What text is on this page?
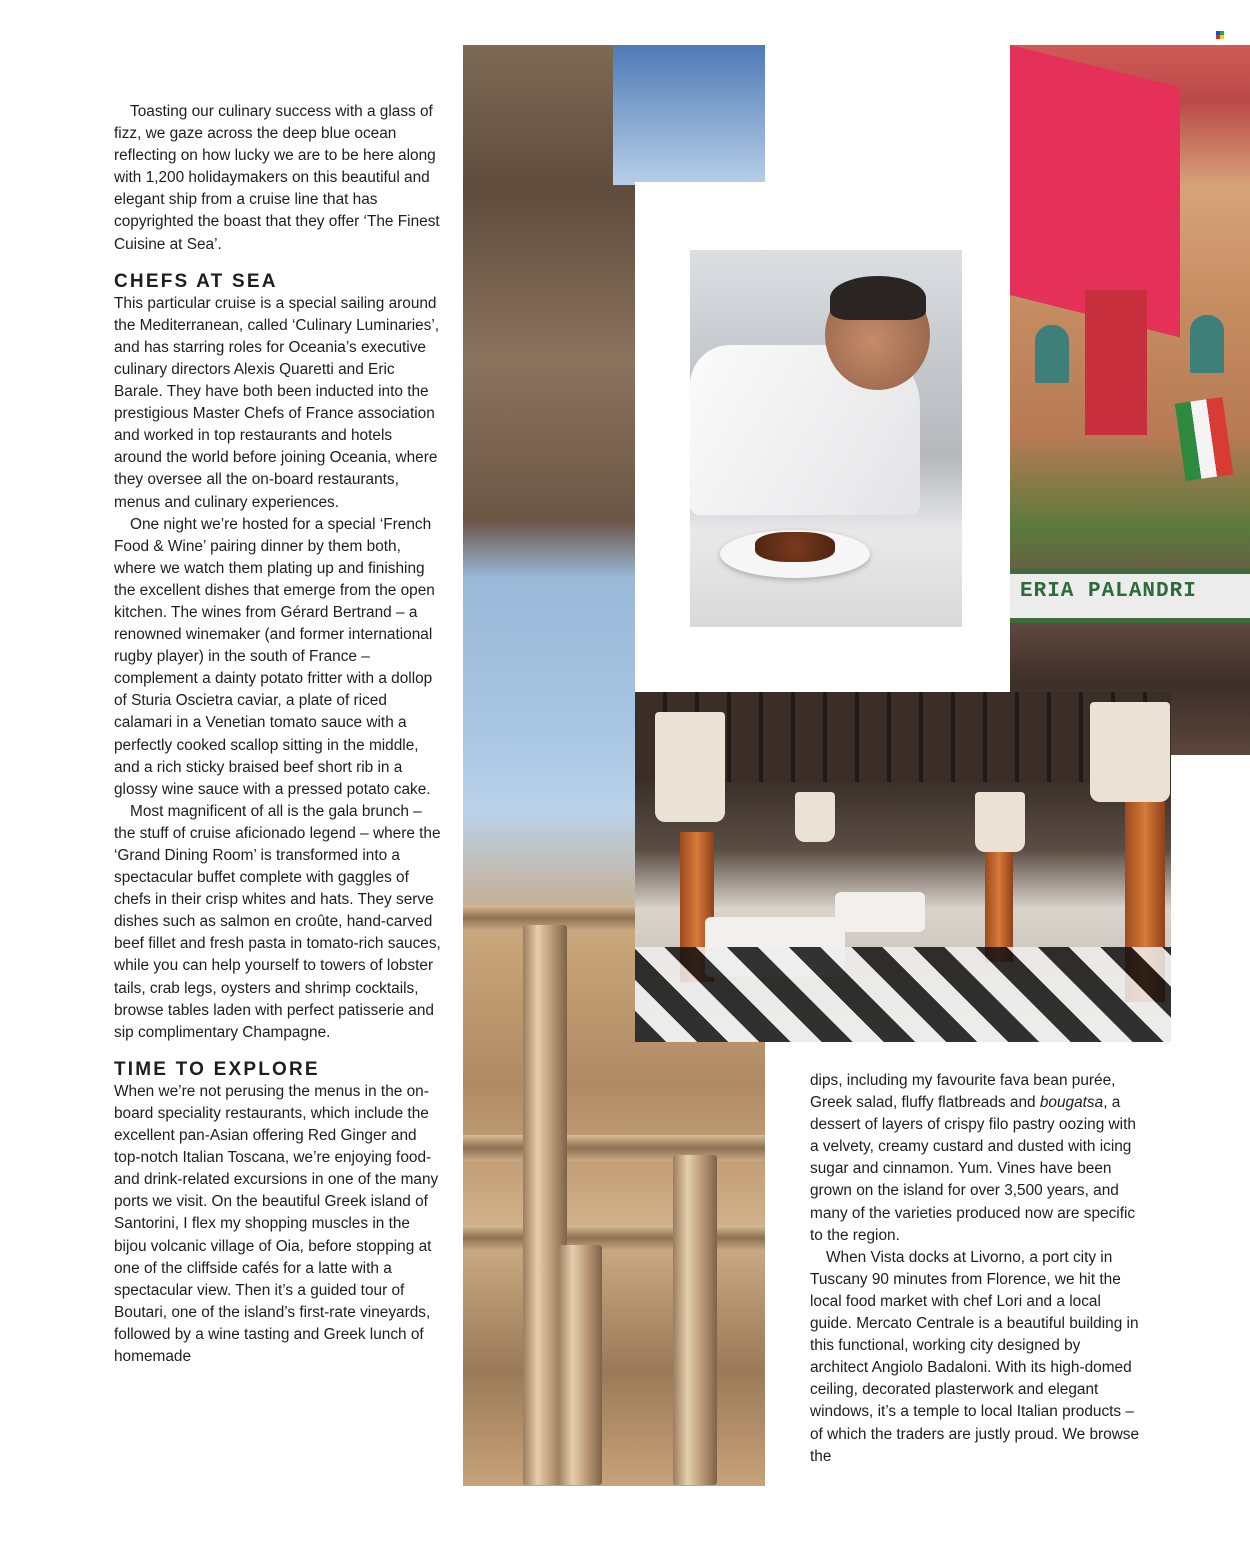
Toasting our culinary success with a glass of fizz, we gaze across the deep blue ocean reflecting on how lucky we are to be here along with 1,200 holidaymakers on this beautiful and elegant ship from a cruise line that has copyrighted the boast that they offer ‘The Finest Cuisine at Sea’.

CHEFS AT SEA

This particular cruise is a special sailing around the Mediterranean, called ‘Culinary Luminaries’, and has starring roles for Oceania’s executive culinary directors Alexis Quaretti and Eric Barale. They have both been inducted into the prestigious Master Chefs of France association and worked in top restaurants and hotels around the world before joining Oceania, where they oversee all the on-board restaurants, menus and culinary experiences.

One night we’re hosted for a special ‘French Food & Wine’ pairing dinner by them both, where we watch them plating up and finishing the excellent dishes that emerge from the open kitchen. The wines from Gérard Bertrand – a renowned winemaker (and former international rugby player) in the south of France – complement a dainty potato fritter with a dollop of Sturia Oscietra caviar, a plate of riced calamari in a Venetian tomato sauce with a perfectly cooked scallop sitting in the middle, and a rich sticky braised beef short rib in a glossy wine sauce with a pressed potato cake.

Most magnificent of all is the gala brunch – the stuff of cruise aficionado legend – where the ‘Grand Dining Room’ is transformed into a spectacular buffet complete with gaggles of chefs in their crisp whites and hats. They serve dishes such as salmon en croûte, hand-carved beef fillet and fresh pasta in tomato-rich sauces, while you can help yourself to towers of lobster tails, crab legs, oysters and shrimp cocktails, browse tables laden with perfect patisserie and sip complimentary Champagne.

TIME TO EXPLORE

When we’re not perusing the menus in the on-board speciality restaurants, which include the excellent pan-Asian offering Red Ginger and top-notch Italian Toscana, we’re enjoying food- and drink-related excursions in one of the many ports we visit. On the beautiful Greek island of Santorini, I flex my shopping muscles in the bijou volcanic village of Oia, before stopping at one of the cliffside cafés for a latte with a spectacular view. Then it’s a guided tour of Boutari, one of the island’s first-rate vineyards, followed by a wine tasting and Greek lunch of homemade

ERIA PALANDRI

dips, including my favourite fava bean purée, Greek salad, fluffy flatbreads and bougatsa, a dessert of layers of crispy filo pastry oozing with a velvety, creamy custard and dusted with icing sugar and cinnamon. Yum. Vines have been grown on the island for over 3,500 years, and many of the varieties produced now are specific to the region.

When Vista docks at Livorno, a port city in Tuscany 90 minutes from Florence, we hit the local food market with chef Lori and a local guide. Mercato Centrale is a beautiful building in this functional, working city designed by architect Angiolo Badaloni. With its high-domed ceiling, decorated plasterwork and elegant windows, it’s a temple to local Italian products – of which the traders are justly proud. We browse the
